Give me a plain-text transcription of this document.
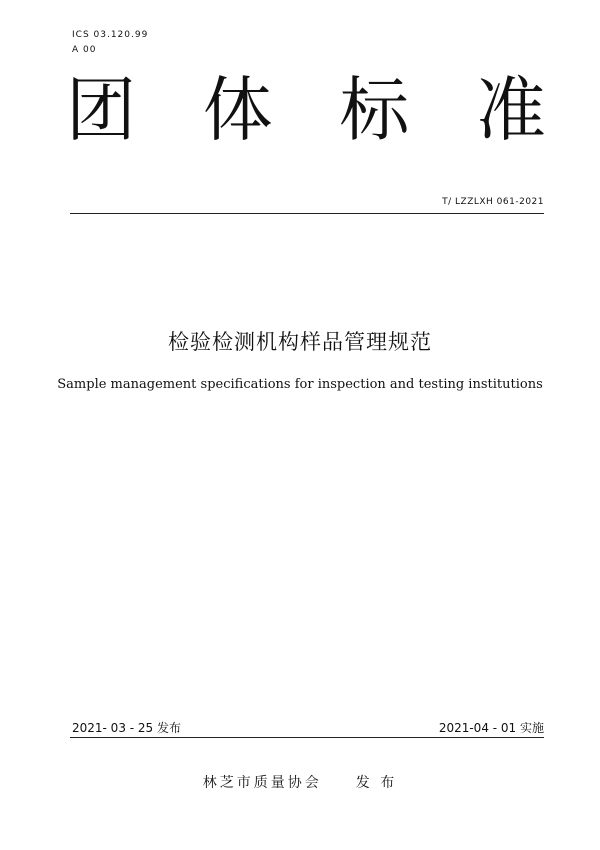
ICS 03.120.99
A 00
团 体 标 准
T/ LZZLXH 061-2021
检验检测机构样品管理规范
Sample management specifications for inspection and testing institutions
2021- 03 - 25 发布	2021-04 - 01 实施
林芝市质量协会 发 布
